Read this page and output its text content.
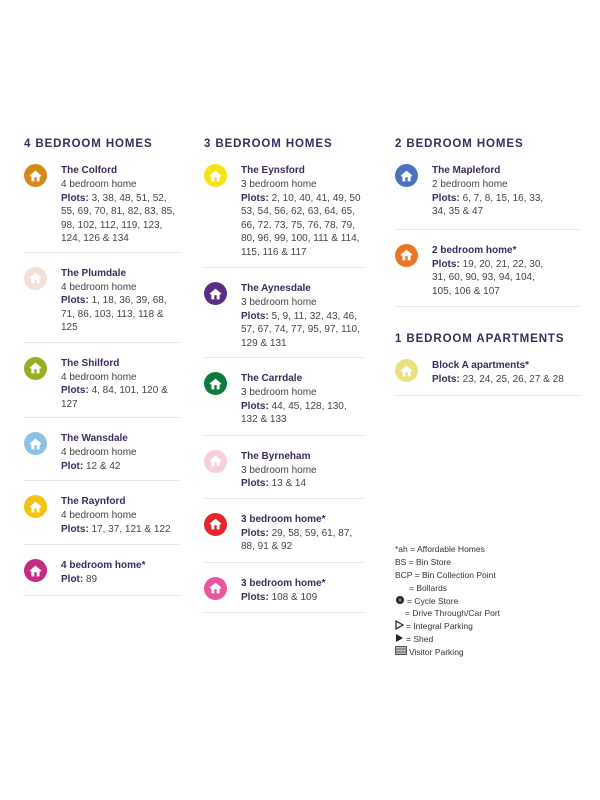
4 BEDROOM HOMES
The Colford
4 bedroom home
Plots: 3, 38, 48, 51, 52, 55, 69, 70, 81, 82, 83, 85, 98, 102, 112, 119, 123, 124, 126 & 134
The Plumdale
4 bedroom home
Plots: 1, 18, 36, 39, 68, 71, 86, 103, 113, 118 & 125
The Shilford
4 bedroom home
Plots: 4, 84, 101, 120 & 127
The Wansdale
4 bedroom home
Plot: 12 & 42
The Raynford
4 bedroom home
Plots: 17, 37, 121 & 122
4 bedroom home*
Plot: 89
3 BEDROOM HOMES
The Eynsford
3 bedroom home
Plots: 2, 10, 40, 41, 49, 50 53, 54, 56, 62, 63, 64, 65, 66, 72, 73, 75, 76, 78, 79, 80, 96, 99, 100, 111 & 114, 115, 116 & 117
The Aynesdale
3 bedroom home
Plots: 5, 9, 11, 32, 43, 46, 57, 67, 74, 77, 95, 97, 110, 129 & 131
The Carrdale
3 bedroom home
Plots: 44, 45, 128, 130, 132 & 133
The Byrneham
3 bedroom home
Plots: 13 & 14
3 bedroom home*
Plots: 29, 58, 59, 61, 87, 88, 91 & 92
3 bedroom home*
Plots: 108 & 109
2 BEDROOM HOMES
The Mapleford
2 bedroom home
Plots: 6, 7, 8, 15, 16, 33, 34, 35 & 47
2 bedroom home*
Plots: 19, 20, 21, 22, 30, 31, 60, 90, 93, 94, 104, 105, 106 & 107
1 BEDROOM APARTMENTS
Block A apartments*
Plots: 23, 24, 25, 26, 27 & 28
*ah = Affordable Homes
BS = Bin Store
BCP = Bin Collection Point
= Bollards
= Cycle Store
= Drive Through/Car Port
= Integral Parking
= Shed
Visitor Parking
